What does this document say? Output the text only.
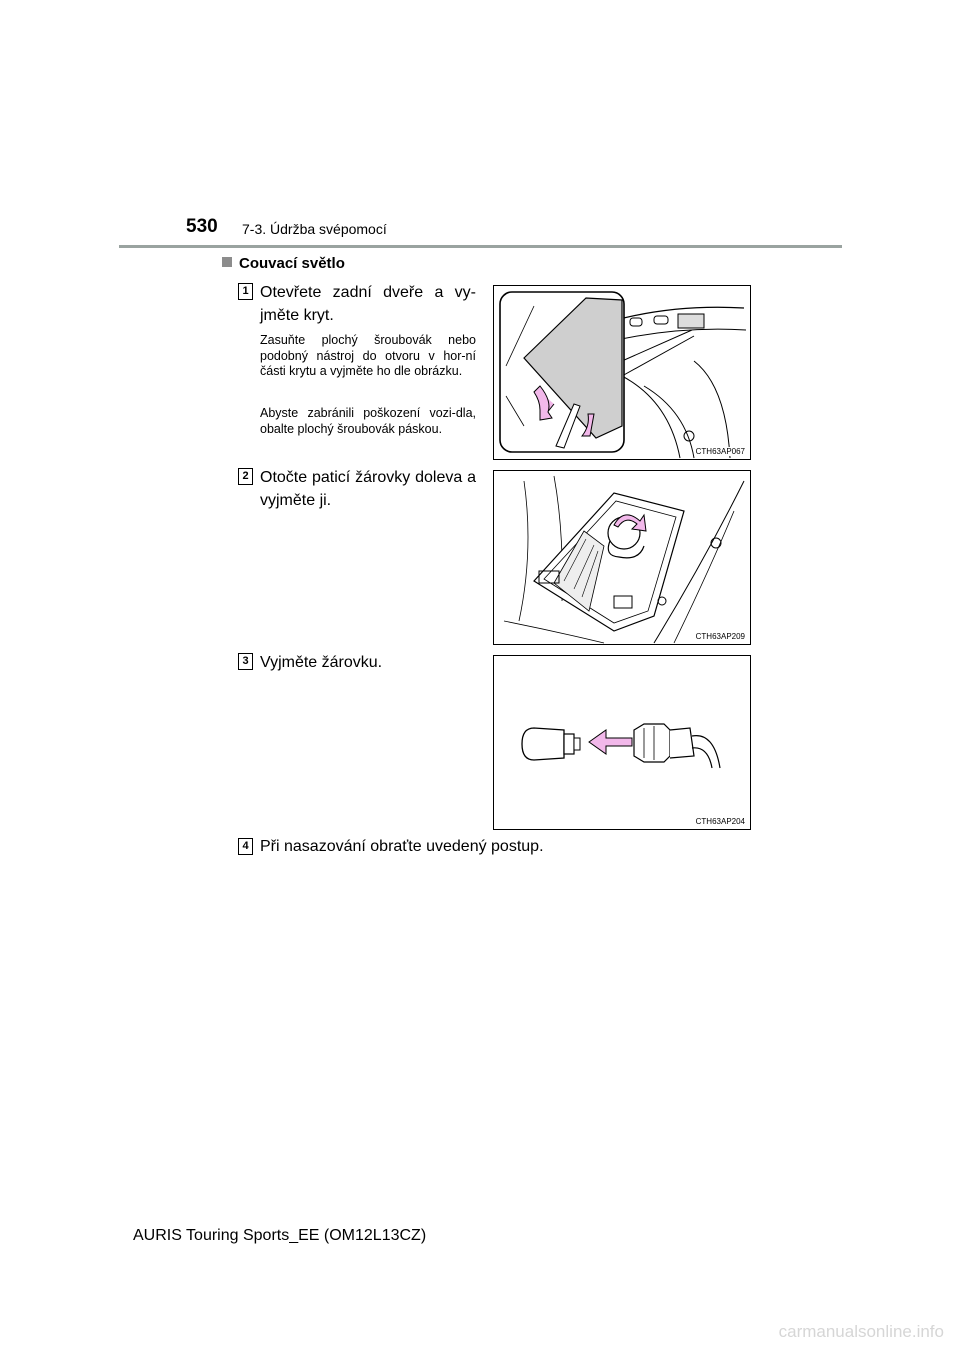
530 7-3. Údržba svépomocí
Couvací světlo
1 Otevřete zadní dveře a vy-jměte kryt.
Zasuňte plochý šroubovák nebo podobný nástroj do otvoru v hor-ní části krytu a vyjměte ho dle obrázku.
Abyste zabránili poškození vozi-dla, obalte plochý šroubovák páskou.
CTH63AP067
2 Otočte paticí žárovky doleva a vyjměte ji.
CTH63AP209
3 Vyjměte žárovku.
CTH63AP204
4 Při nasazování obraťte uvedený postup.
AURIS Touring Sports_EE (OM12L13CZ)
carmanualsonline.info
